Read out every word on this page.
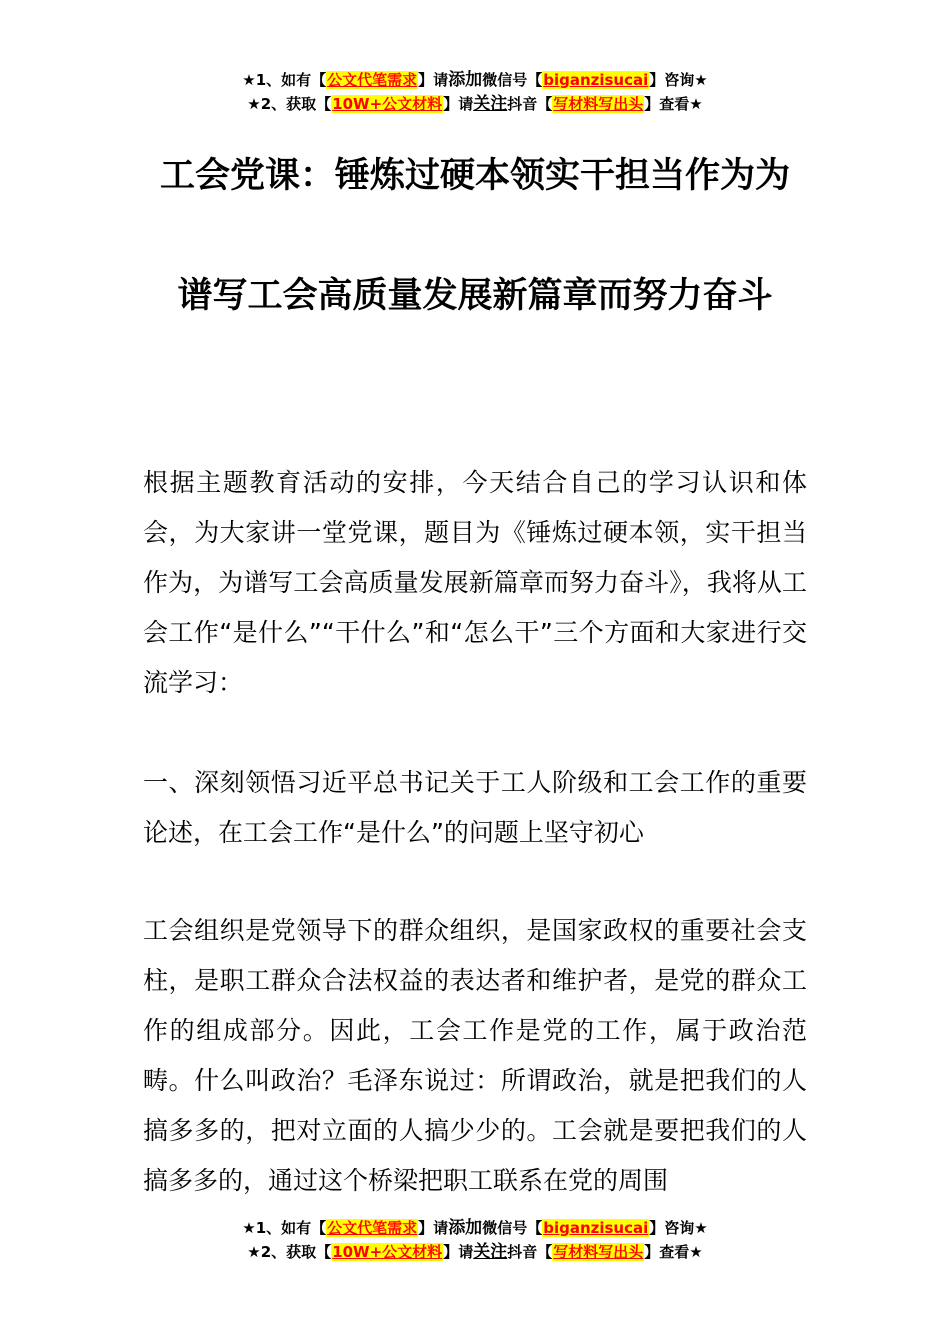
★1、如有【公文代笔需求】请添加微信号【biganzisucai】咨询★
★2、获取【10W+公文材料】请关注抖音【写材料写出头】查看★
工会党课：锤炼过硬本领实干担当作为为
谱写工会高质量发展新篇章而努力奋斗

根据主题教育活动的安排，今天结合自己的学习认识和体会，为大家讲一堂党课，题目为《锤炼过硬本领，实干担当作为，为谱写工会高质量发展新篇章而努力奋斗》，我将从工会工作“是什么”“干什么”和“怎么干”三个方面和大家进行交流学习：

一、深刻领悟习近平总书记关于工人阶级和工会工作的重要论述，在工会工作“是什么”的问题上坚守初心

工会组织是党领导下的群众组织，是国家政权的重要社会支柱，是职工群众合法权益的表达者和维护者，是党的群众工作的组成部分。因此，工会工作是党的工作，属于政治范畴。什么叫政治？毛泽东说过：所谓政治，就是把我们的人搞多多的，把对立面的人搞少少的。工会就是要把我们的人搞多多的，通过这个桥梁把职工联系在党的周围

★1、如有【公文代笔需求】请添加微信号【biganzisucai】咨询★
★2、获取【10W+公文材料】请关注抖音【写材料写出头】查看★
